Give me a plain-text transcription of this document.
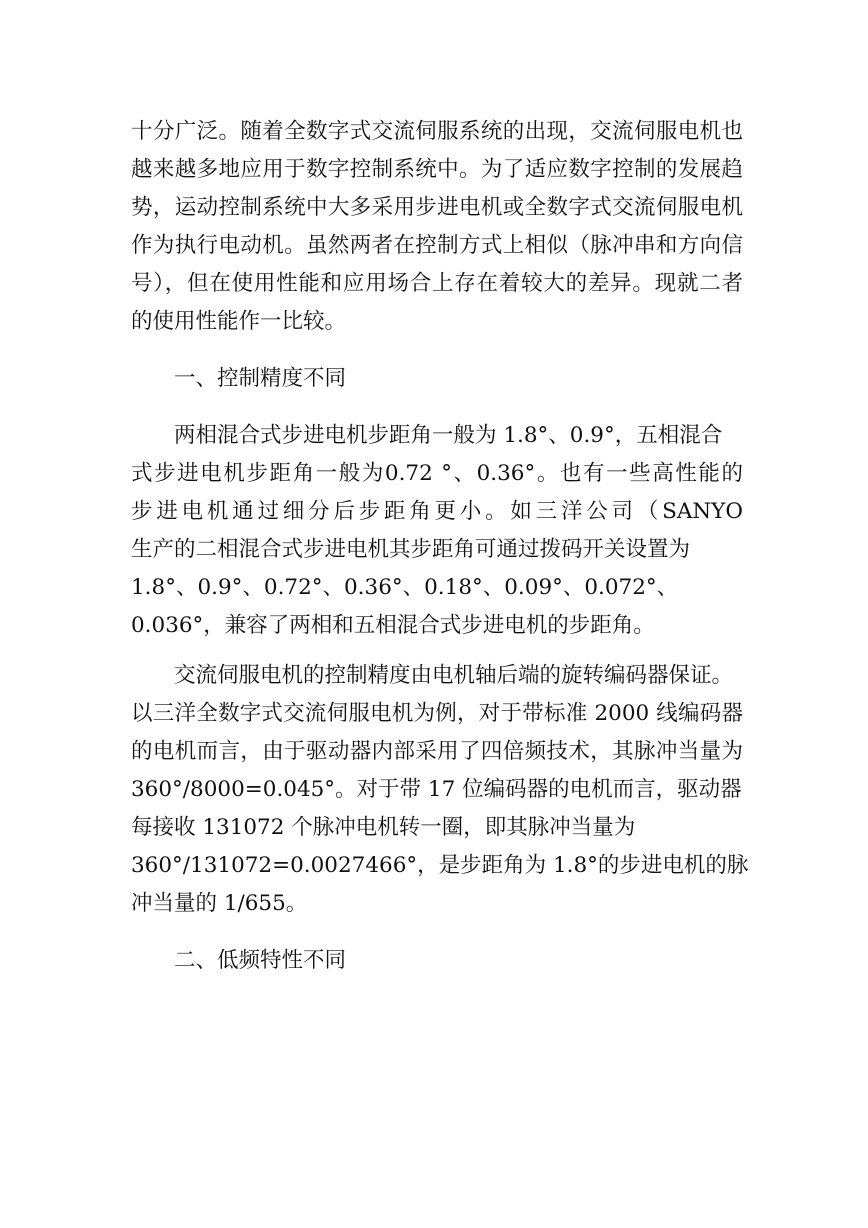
十分广泛。随着全数字式交流伺服系统的出现，交流伺服电机也
越来越多地应用于数字控制系统中。为了适应数字控制的发展趋
势，运动控制系统中大多采用步进电机或全数字式交流伺服电机
作为执行电动机。虽然两者在控制方式上相似（脉冲串和方向信
号），但在使用性能和应用场合上存在着较大的差异。现就二者
的使用性能作一比较。
一、控制精度不同
两相混合式步进电机步距角一般为 1.8°、0.9°，五相混合
式步进电机步距角一般为0.72 °、0.36°。也有一些高性能的
步进电机通过细分后步距角更小。如三洋公司（SANYO
生产的二相混合式步进电机其步距角可通过拨码开关设置为
1.8°、0.9°、0.72°、0.36°、0.18°、0.09°、0.072°、
0.036°，兼容了两相和五相混合式步进电机的步距角。
交流伺服电机的控制精度由电机轴后端的旋转编码器保证。
以三洋全数字式交流伺服电机为例，对于带标准 2000 线编码器
的电机而言，由于驱动器内部采用了四倍频技术，其脉冲当量为
360°/8000=0.045°。对于带 17 位编码器的电机而言，驱动器
每接收 131072 个脉冲电机转一圈，即其脉冲当量为
360°/131072=0.0027466°，是步距角为 1.8°的步进电机的脉
冲当量的 1/655。
二、低频特性不同
